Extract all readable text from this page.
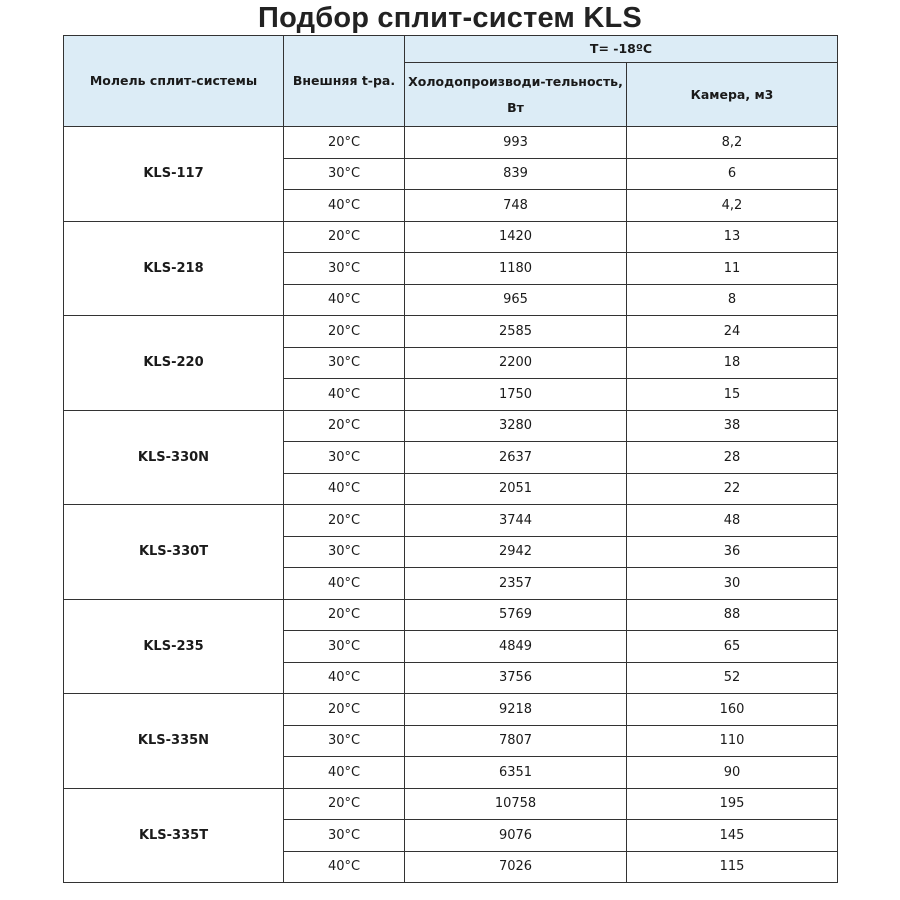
Подбор сплит-систем KLS
Молель сплит-системы	Внешняя t-ра.	T= -18ºC	
		Холодопроизводи-тельность, Вт	Камера, м3
KLS-117	20°C	993	8,2
	30°C	839	6
	40°C	748	4,2
KLS-218	20°C	1420	13
	30°C	1180	11
	40°C	965	8
KLS-220	20°C	2585	24
	30°C	2200	18
	40°C	1750	15
KLS-330N	20°C	3280	38
	30°C	2637	28
	40°C	2051	22
KLS-330T	20°C	3744	48
	30°C	2942	36
	40°C	2357	30
KLS-235	20°C	5769	88
	30°C	4849	65
	40°C	3756	52
KLS-335N	20°C	9218	160
	30°C	7807	110
	40°C	6351	90
KLS-335T	20°C	10758	195
	30°C	9076	145
	40°C	7026	115
